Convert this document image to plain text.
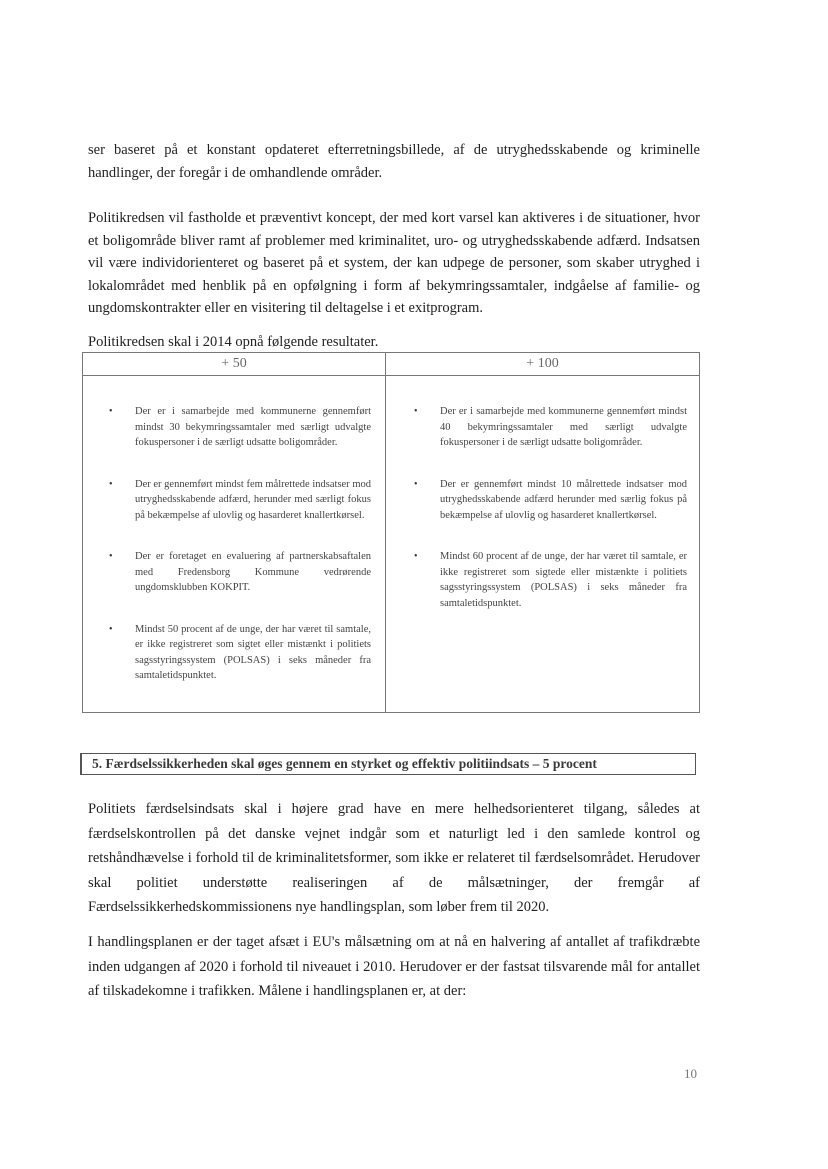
ser baseret på et konstant opdateret efterretningsbillede, af de utryghedsskabende og kriminelle handlinger, der foregår i de omhandlende områder.

Politikredsen vil fastholde et præventivt koncept, der med kort varsel kan aktiveres i de situationer, hvor et boligområde bliver ramt af problemer med kriminalitet, uro- og utryghedsskabende adfærd. Indsatsen vil være individorienteret og baseret på et system, der kan udpege de personer, som skaber utryghed i lokalområdet med henblik på en opfølgning i form af bekymringssamtaler, indgåelse af familie- og ungdomskontrakter eller en visitering til deltagelse i et exitprogram.

Politikredsen skal i 2014 opnå følgende resultater.

+ 50
• Der er i samarbejde med kommunerne gennemført mindst 30 bekymringssamtaler med særligt udvalgte fokuspersoner i de særligt udsatte boligområder.
• Der er gennemført mindst fem målrettede indsatser mod utryghedsskabende adfærd, herunder med særligt fokus på bekæmpelse af ulovlig og hasarderet knallertkørsel.
• Der er foretaget en evaluering af partnerskabsaftalen med Fredensborg Kommune vedrørende ungdomsklubben KOKPIT.
• Mindst 50 procent af de unge, der har været til samtale, er ikke registreret som sigtet eller mistænkt i politiets sagsstyringssystem (POLSAS) i seks måneder fra samtaletidspunktet.
+ 100
• Der er i samarbejde med kommunerne gennemført mindst 40 bekymringssamtaler med særligt udvalgte fokuspersoner i de særligt udsatte boligområder.
• Der er gennemført mindst 10 målrettede indsatser mod utryghedsskabende adfærd herunder med særlig fokus på bekæmpelse af ulovlig og hasarderet knallertkørsel.
• Mindst 60 procent af de unge, der har været til samtale, er ikke registreret som sigtede eller mistænkte i politiets sagsstyringssystem (POLSAS) i seks måneder fra samtaletidspunktet.
5. Færdselssikkerheden skal øges gennem en styrket og effektiv politiindsats – 5 procent

Politiets færdselsindsats skal i højere grad have en mere helhedsorienteret tilgang, således at færdselskontrollen på det danske vejnet indgår som et naturligt led i den samlede kontrol og retshåndhævelse i forhold til de kriminalitetsformer, som ikke er relateret til færdselsområdet. Herudover skal politiet understøtte realiseringen af de målsætninger, der fremgår af Færdselssikkerhedskommissionens nye handlingsplan, som løber frem til 2020.

I handlingsplanen er der taget afsæt i EU's målsætning om at nå en halvering af antallet af trafikdræbte inden udgangen af 2020 i forhold til niveauet i 2010. Herudover er der fastsat tilsvarende mål for antallet af tilskadekomne i trafikken. Målene i handlingsplanen er, at der:

10
